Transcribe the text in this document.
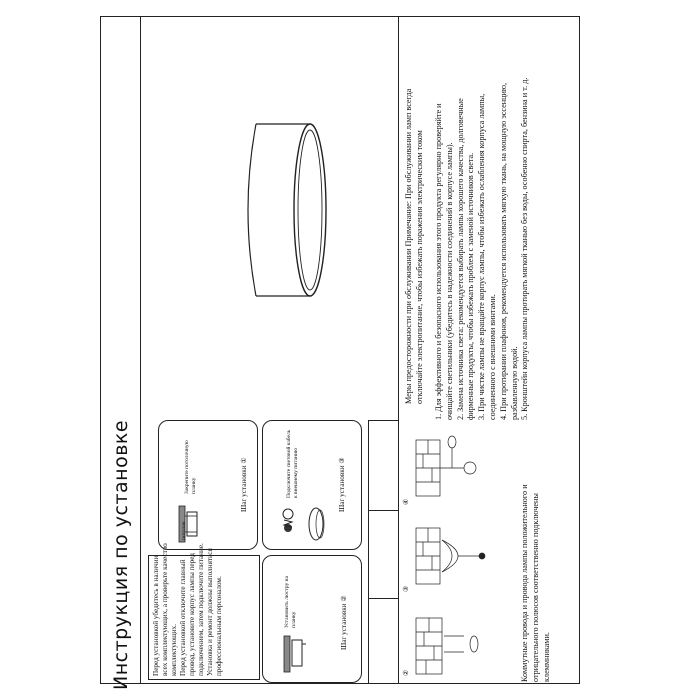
Инструкция по установке	Перед установкой убедитесь в наличии всех комплектующих, а проверьте качество комплектующих. Перед установкой отключите главный провод, установите корпус лампы перед подключением, затем подключите питание. Установка и ремонт должны выполняться профессиональным персоналом.
Шаг установки ①	Шаг установки ③
Шаг установки ②
Закрепите потолочную планку	Подключите световой кабель к внешнему питанию
Установить люстру на планку
потолок
②
③
④	Коммутные провода и провода лампы положительного и отрицательного полюсов соответственно подключены клеммниками.
Меры предосторожности при обслуживании Примечание: При обслуживании ламп всегда отключайте электропитание, чтобы избежать поражения электрическим током 1. Для эффективного и безопасного использования этого продукта регулярно проверяйте и очищайте светильники (убедитесь в надежности соединений в корпусе лампы). 2. Замена источника света: рекомендуется выбирать лампы хорошего качества, долговечные фирменные продукты, чтобы избежать проблем с заменой источников света. 3. При чистке лампы не вращайте корпус лампы, чтобы избежать ослабления корпуса лампы, соединенного с внешними винтами. 4. При протирании плафонов, рекомендуется использовать мягкую ткань, на мощную эссенцию, разбавленную водой. 5. Кронштейн корпуса лампы протирать мягкой тканью без воды, особенно спирта, бензина и т. д.
